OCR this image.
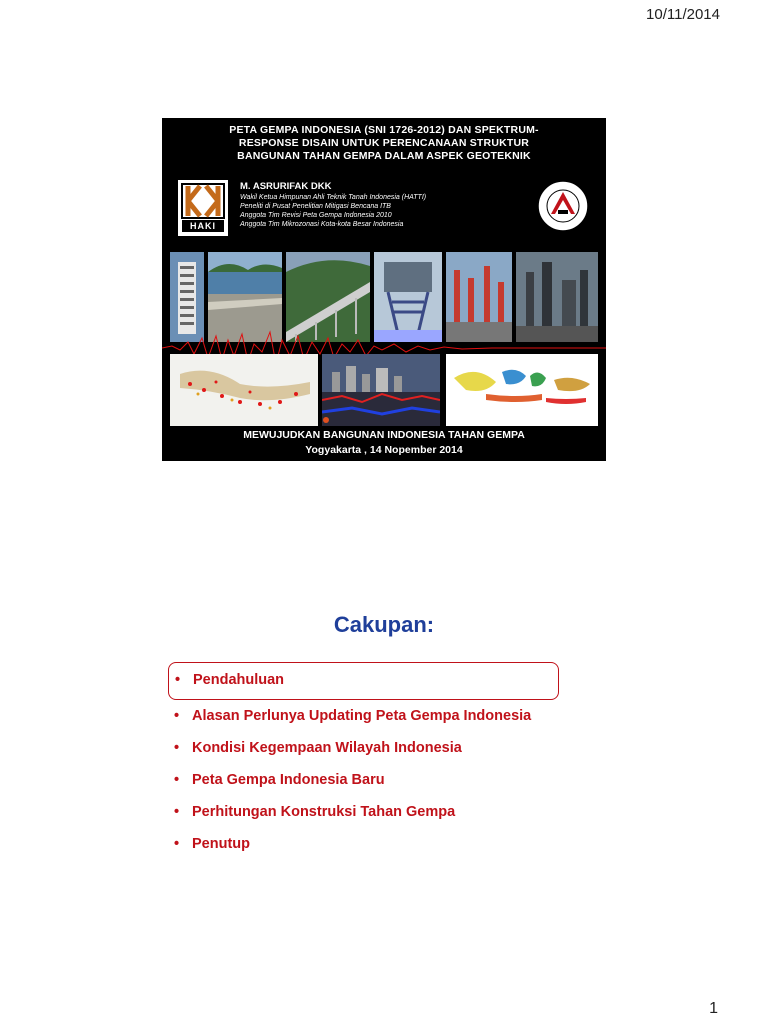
10/11/2014
PETA GEMPA INDONESIA (SNI 1726-2012) DAN SPEKTRUM-
RESPONSE DISAIN UNTUK PERENCANAAN STRUKTUR
BANGUNAN TAHAN GEMPA DALAM ASPEK GEOTEKNIK
HAKI
M. ASRURIFAK DKK
Wakil Ketua Himpunan Ahli Teknik Tanah Indonesia (HATTI)
Peneliti di Pusat Penelitian Mitigasi Bencana ITB
Anggota Tim Revisi Peta Gempa Indonesia 2010
Anggota Tim Mikrozonasi Kota-kota Besar Indonesia
MEWUJUDKAN BANGUNAN INDONESIA TAHAN GEMPA
Yogyakarta , 14 Nopember 2014
Cakupan:
• Pendahuluan
• Alasan Perlunya Updating Peta Gempa Indonesia
• Kondisi Kegempaan Wilayah Indonesia
• Peta Gempa Indonesia Baru
• Perhitungan Konstruksi Tahan Gempa
• Penutup
1
